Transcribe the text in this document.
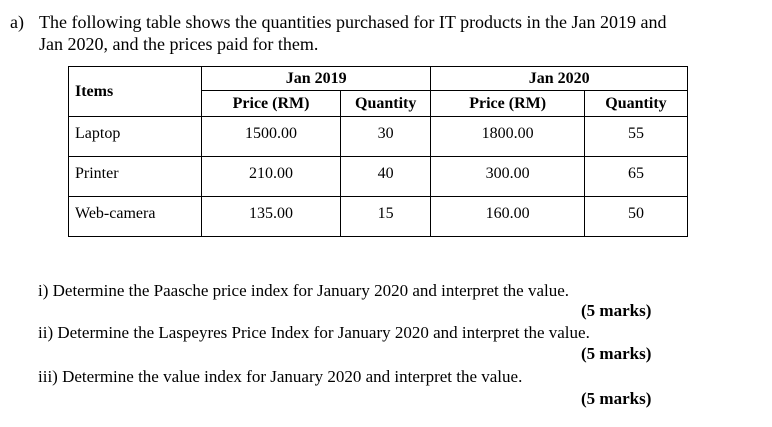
a) The following table shows the quantities purchased for IT products in the Jan 2019 and
Jan 2020, and the prices paid for them.
Items	Jan 2019		Jan 2020	
	Price (RM)	Quantity	Price (RM)	Quantity
Laptop	1500.00	30	1800.00	55
Printer	210.00	40	300.00	65
Web-camera	135.00	15	160.00	50
i) Determine the Paasche price index for January 2020 and interpret the value.
(5 marks)
ii) Determine the Laspeyres Price Index for January 2020 and interpret the value.
(5 marks)
iii) Determine the value index for January 2020 and interpret the value.
(5 marks)
